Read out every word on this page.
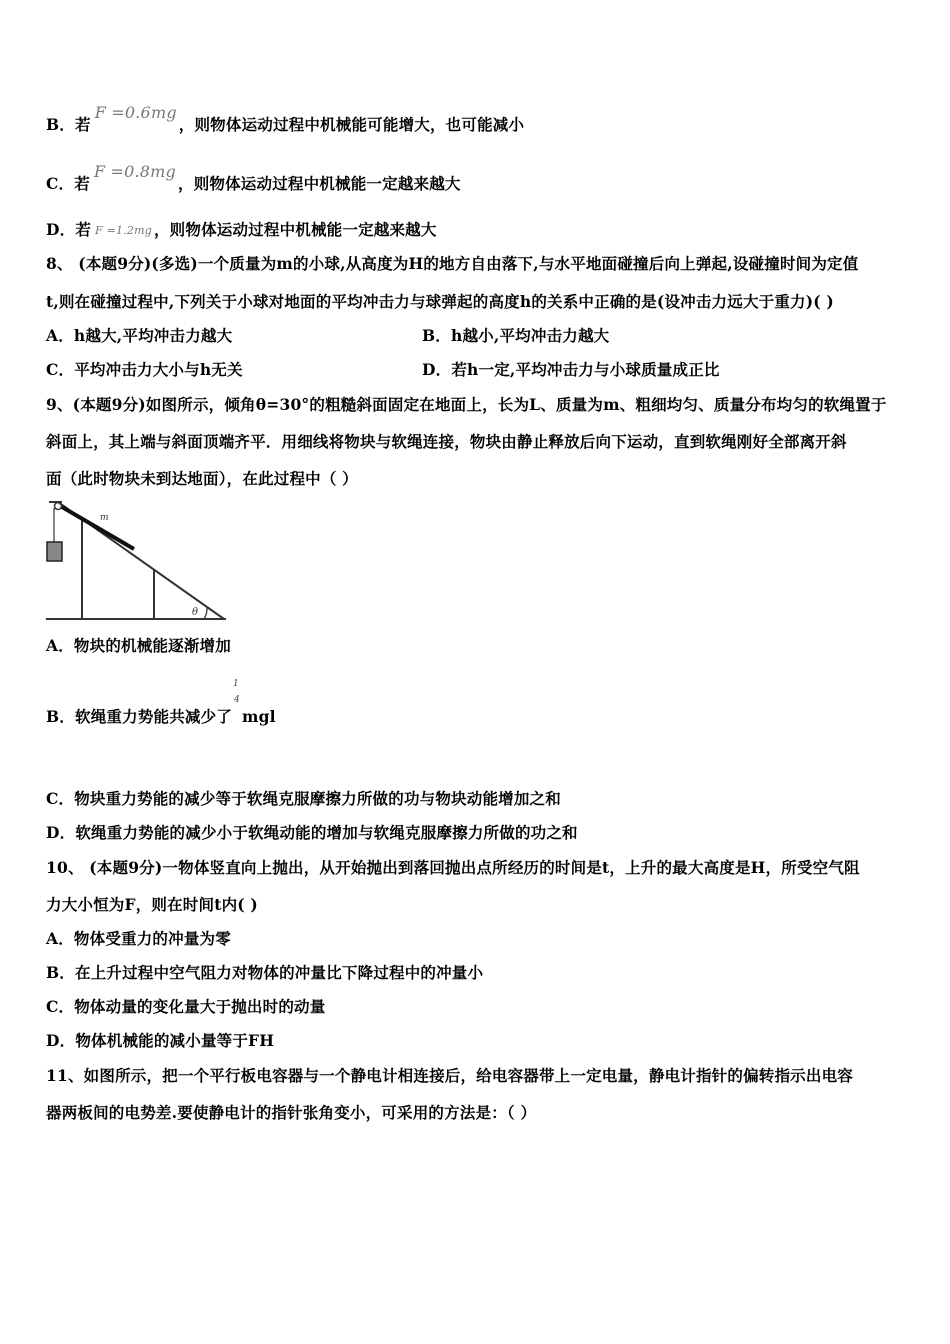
B．若F =0.6mg，则物体运动过程中机械能可能增大，也可能减小
C．若F =0.8mg，则物体运动过程中机械能一定越来越大
D．若 F =1.2mg ，则物体运动过程中机械能一定越来越大
8、 (本题9分)(多选)一个质量为m的小球,从高度为H的地方自由落下,与水平地面碰撞后向上弹起,设碰撞时间为定值
t,则在碰撞过程中,下列关于小球对地面的平均冲击力与球弹起的高度h的关系中正确的是(设冲击力远大于重力)( )
A．h越大,平均冲击力越大	B．h越小,平均冲击力越大
C．平均冲击力大小与h无关	D．若h一定,平均冲击力与小球质量成正比
9、(本题9分)如图所示，倾角θ=30°的粗糙斜面固定在地面上，长为L、质量为m、粗细均匀、质量分布均匀的软绳置于
斜面上，其上端与斜面顶端齐平．用细线将物块与软绳连接，物块由静止释放后向下运动，直到软绳刚好全部离开斜
面（此时物块未到达地面），在此过程中（ ）
m
θ
A．物块的机械能逐渐增加
B．软绳重力势能共减少了
1
4
mgl
C．物块重力势能的减少等于软绳克服摩擦力所做的功与物块动能增加之和
D．软绳重力势能的减少小于软绳动能的增加与软绳克服摩擦力所做的功之和
10、 (本题9分)一物体竖直向上抛出，从开始抛出到落回抛出点所经历的时间是t，上升的最大高度是H，所受空气阻
力大小恒为F，则在时间t内( )
A．物体受重力的冲量为零
B．在上升过程中空气阻力对物体的冲量比下降过程中的冲量小
C．物体动量的变化量大于抛出时的动量
D．物体机械能的减小量等于FH
11、如图所示，把一个平行板电容器与一个静电计相连接后，给电容器带上一定电量，静电计指针的偏转指示出电容
器两板间的电势差.要使静电计的指针张角变小，可采用的方法是：（ ）
